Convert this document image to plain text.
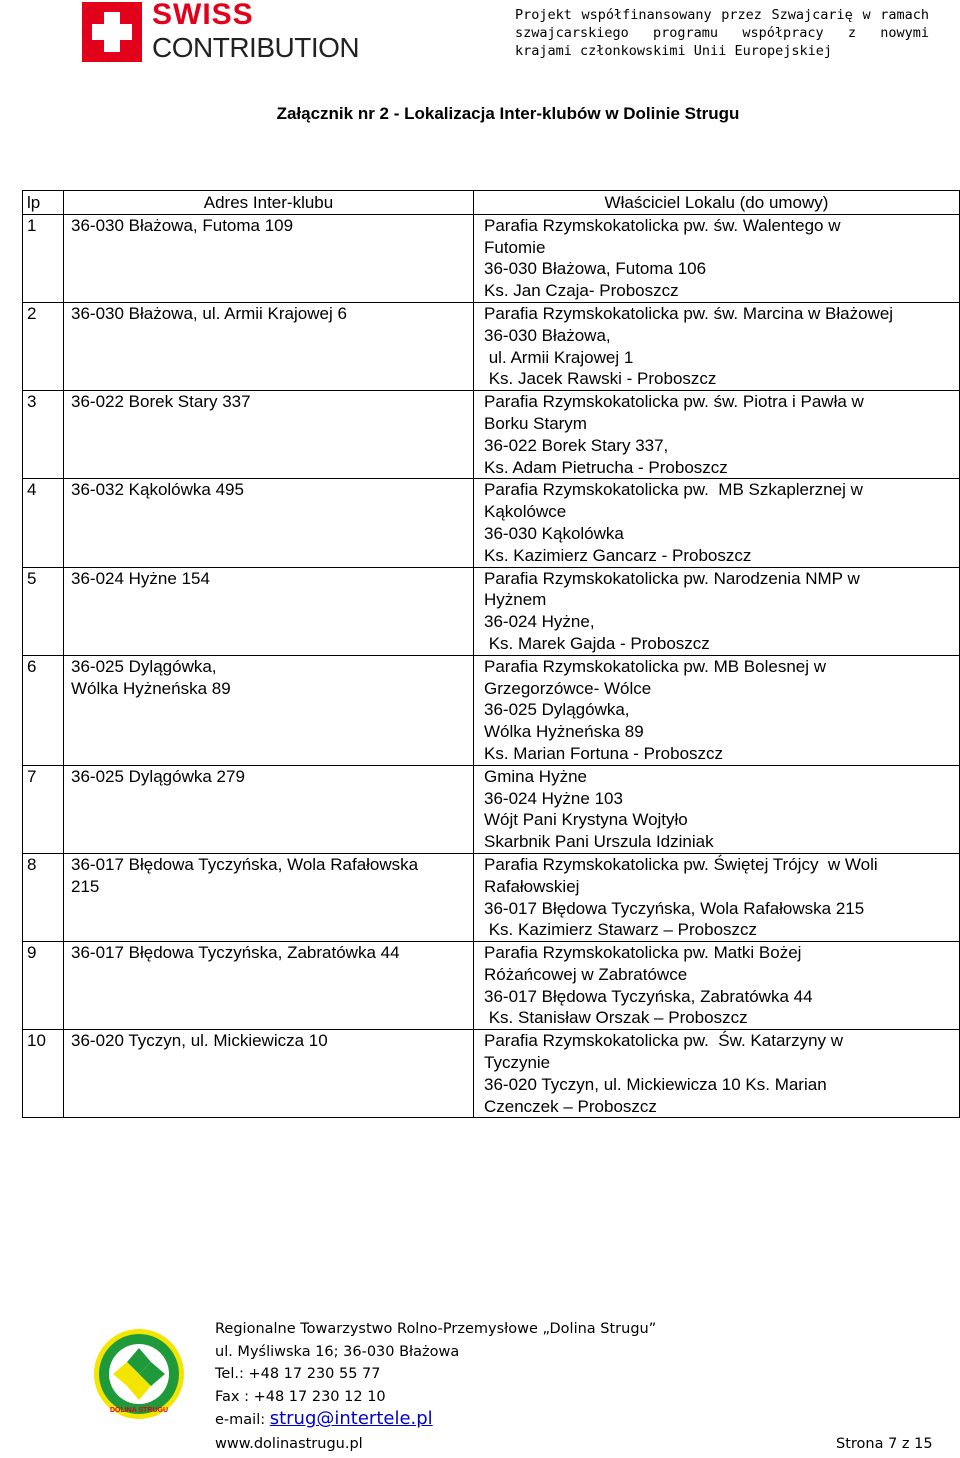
SWISS
CONTRIBUTION
Projekt współfinansowany przez Szwajcarię w ramach szwajcarskiego programu współpracy z nowymi krajami członkowskimi Unii Europejskiej
Załącznik nr 2 - Lokalizacja Inter-klubów w Dolinie Strugu
lp	Adres Inter-klubu	Właściciel Lokalu (do umowy)
1	36-030 Błażowa, Futoma 109	Parafia Rzymskokatolicka pw. św. Walentego w
Futomie
36-030 Błażowa, Futoma 106
Ks. Jan Czaja- Proboszcz

2	36-030 Błażowa, ul. Armii Krajowej 6	Parafia Rzymskokatolicka pw. św. Marcina w Błażowej
36-030 Błażowa,
ul. Armii Krajowej 1
Ks. Jacek Rawski - Proboszcz

3	36-022 Borek Stary 337	Parafia Rzymskokatolicka pw. św. Piotra i Pawła w
Borku Starym
36-022 Borek Stary 337,
Ks. Adam Pietrucha - Proboszcz

4	36-032 Kąkolówka 495	Parafia Rzymskokatolicka pw.  MB Szkaplerznej w
Kąkolówce
36-030 Kąkolówka
Ks. Kazimierz Gancarz - Proboszcz

5	36-024 Hyżne 154	Parafia Rzymskokatolicka pw. Narodzenia NMP w
Hyżnem
36-024 Hyżne,
Ks. Marek Gajda - Proboszcz

6	36-025 Dylągówka,
Wólka Hyżneńska 89	Parafia Rzymskokatolicka pw. MB Bolesnej w
Grzegorzówce- Wólce
36-025 Dylągówka,
Wólka Hyżneńska 89
Ks. Marian Fortuna - Proboszcz

7	36-025 Dylągówka 279	Gmina Hyżne
36-024 Hyżne 103
Wójt Pani Krystyna Wojtyło
Skarbnik Pani Urszula Idziniak

8	36-017 Błędowa Tyczyńska, Wola Rafałowska
215	Parafia Rzymskokatolicka pw. Świętej Trójcy  w Woli
Rafałowskiej
36-017 Błędowa Tyczyńska, Wola Rafałowska 215
Ks. Kazimierz Stawarz – Proboszcz

9	36-017 Błędowa Tyczyńska, Zabratówka 44	Parafia Rzymskokatolicka pw. Matki Bożej
Różańcowej w Zabratówce
36-017 Błędowa Tyczyńska, Zabratówka 44
Ks. Stanisław Orszak – Proboszcz

10	36-020 Tyczyn, ul. Mickiewicza 10	Parafia Rzymskokatolicka pw.  Św. Katarzyny w
Tyczynie
36-020 Tyczyn, ul. Mickiewicza 10 Ks. Marian
Czenczek – Proboszcz
DOLINA STRUGU
Regionalne Towarzystwo Rolno-Przemysłowe „Dolina Strugu”
ul. Myśliwska 16; 36-030 Błażowa
Tel.: +48 17 230 55 77
Fax : +48 17 230 12 10
e-mail: strug@intertele.pl
www.dolinastrugu.pl	Strona 7 z 15
